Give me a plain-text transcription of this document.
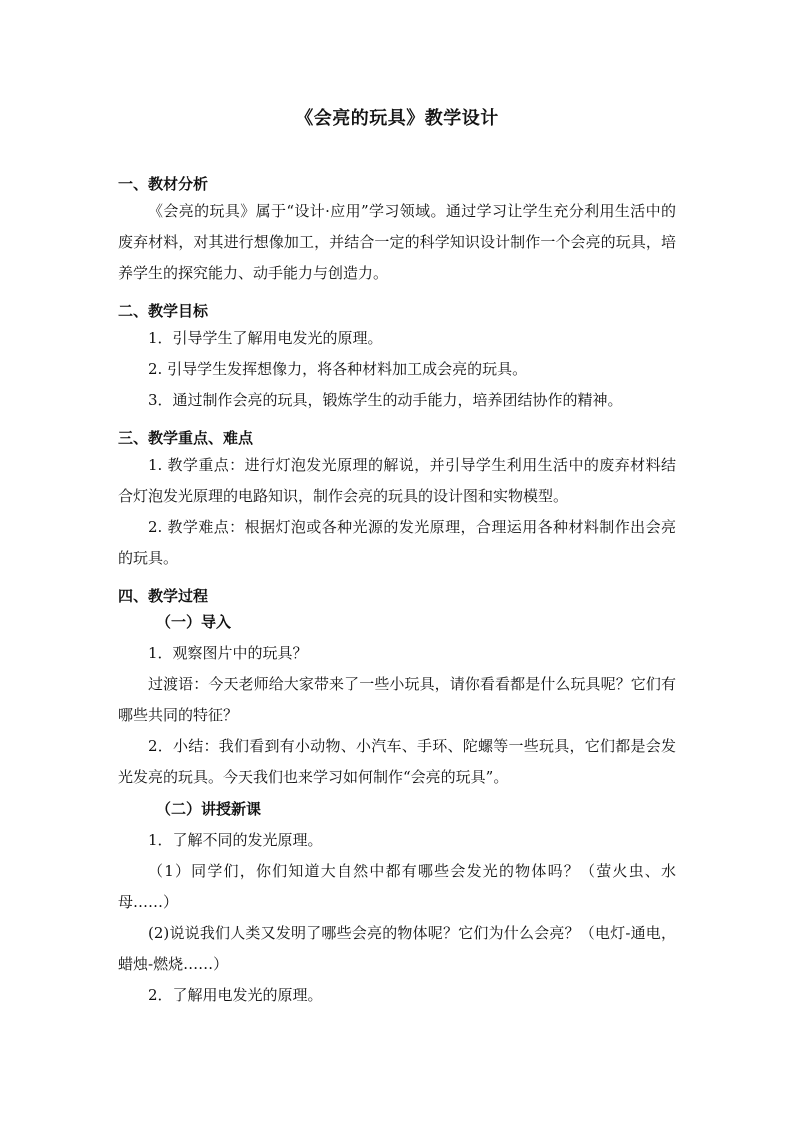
《会亮的玩具》教学设计
一、教材分析

《会亮的玩具》属于“设计·应用”学习领域。通过学习让学生充分利用生活中的废弃材料，对其进行想像加工，并结合一定的科学知识设计制作一个会亮的玩具，培养学生的探究能力、动手能力与创造力。

二、教学目标

1．引导学生了解用电发光的原理。

2. 引导学生发挥想像力，将各种材料加工成会亮的玩具。

3．通过制作会亮的玩具，锻炼学生的动手能力，培养团结协作的精神。

三、教学重点、难点

1. 教学重点：进行灯泡发光原理的解说，并引导学生利用生活中的废弃材料结合灯泡发光原理的电路知识，制作会亮的玩具的设计图和实物模型。

2. 教学难点：根据灯泡或各种光源的发光原理，合理运用各种材料制作出会亮的玩具。

四、教学过程
（一）导入

1．观察图片中的玩具？

过渡语：今天老师给大家带来了一些小玩具，请你看看都是什么玩具呢？它们有哪些共同的特征？

2．小结：我们看到有小动物、小汽车、手环、陀螺等一些玩具，它们都是会发光发亮的玩具。今天我们也来学习如何制作“会亮的玩具”。

（二）讲授新课

1．了解不同的发光原理。

（1）同学们，你们知道大自然中都有哪些会发光的物体吗？（萤火虫、水母……）

(2)说说我们人类又发明了哪些会亮的物体呢？它们为什么会亮？（电灯-通电，蜡烛-燃烧……）

2．了解用电发光的原理。
